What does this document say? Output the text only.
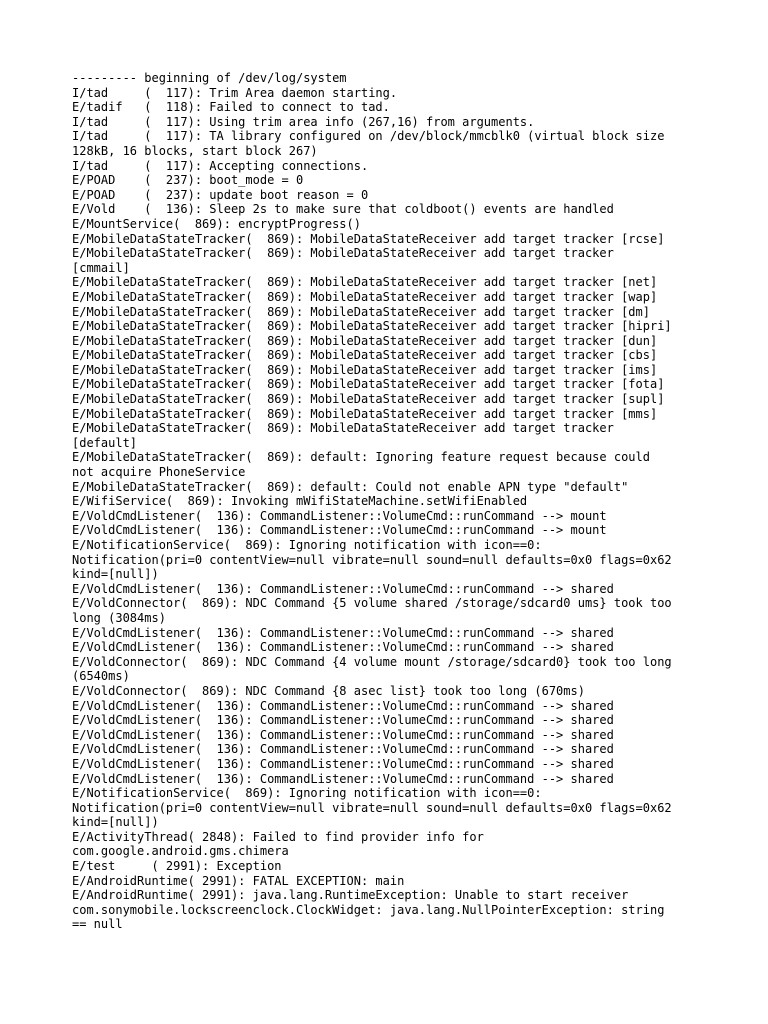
--------- beginning of /dev/log/system
I/tad     (  117): Trim Area daemon starting.
E/tadif   (  118): Failed to connect to tad.
I/tad     (  117): Using trim area info (267,16) from arguments.
I/tad     (  117): TA library configured on /dev/block/mmcblk0 (virtual block size
128kB, 16 blocks, start block 267)
I/tad     (  117): Accepting connections.
E/POAD    (  237): boot_mode = 0
E/POAD    (  237): update boot reason = 0
E/Vold    (  136): Sleep 2s to make sure that coldboot() events are handled
E/MountService(  869): encryptProgress()
E/MobileDataStateTracker(  869): MobileDataStateReceiver add target tracker [rcse]
E/MobileDataStateTracker(  869): MobileDataStateReceiver add target tracker
[cmmail]
E/MobileDataStateTracker(  869): MobileDataStateReceiver add target tracker [net]
E/MobileDataStateTracker(  869): MobileDataStateReceiver add target tracker [wap]
E/MobileDataStateTracker(  869): MobileDataStateReceiver add target tracker [dm]
E/MobileDataStateTracker(  869): MobileDataStateReceiver add target tracker [hipri]
E/MobileDataStateTracker(  869): MobileDataStateReceiver add target tracker [dun]
E/MobileDataStateTracker(  869): MobileDataStateReceiver add target tracker [cbs]
E/MobileDataStateTracker(  869): MobileDataStateReceiver add target tracker [ims]
E/MobileDataStateTracker(  869): MobileDataStateReceiver add target tracker [fota]
E/MobileDataStateTracker(  869): MobileDataStateReceiver add target tracker [supl]
E/MobileDataStateTracker(  869): MobileDataStateReceiver add target tracker [mms]
E/MobileDataStateTracker(  869): MobileDataStateReceiver add target tracker
[default]
E/MobileDataStateTracker(  869): default: Ignoring feature request because could
not acquire PhoneService
E/MobileDataStateTracker(  869): default: Could not enable APN type "default"
E/WifiService(  869): Invoking mWifiStateMachine.setWifiEnabled
E/VoldCmdListener(  136): CommandListener::VolumeCmd::runCommand --> mount
E/VoldCmdListener(  136): CommandListener::VolumeCmd::runCommand --> mount
E/NotificationService(  869): Ignoring notification with icon==0:
Notification(pri=0 contentView=null vibrate=null sound=null defaults=0x0 flags=0x62
kind=[null])
E/VoldCmdListener(  136): CommandListener::VolumeCmd::runCommand --> shared
E/VoldConnector(  869): NDC Command {5 volume shared /storage/sdcard0 ums} took too
long (3084ms)
E/VoldCmdListener(  136): CommandListener::VolumeCmd::runCommand --> shared
E/VoldCmdListener(  136): CommandListener::VolumeCmd::runCommand --> shared
E/VoldConnector(  869): NDC Command {4 volume mount /storage/sdcard0} took too long
(6540ms)
E/VoldConnector(  869): NDC Command {8 asec list} took too long (670ms)
E/VoldCmdListener(  136): CommandListener::VolumeCmd::runCommand --> shared
E/VoldCmdListener(  136): CommandListener::VolumeCmd::runCommand --> shared
E/VoldCmdListener(  136): CommandListener::VolumeCmd::runCommand --> shared
E/VoldCmdListener(  136): CommandListener::VolumeCmd::runCommand --> shared
E/VoldCmdListener(  136): CommandListener::VolumeCmd::runCommand --> shared
E/VoldCmdListener(  136): CommandListener::VolumeCmd::runCommand --> shared
E/NotificationService(  869): Ignoring notification with icon==0:
Notification(pri=0 contentView=null vibrate=null sound=null defaults=0x0 flags=0x62
kind=[null])
E/ActivityThread( 2848): Failed to find provider info for
com.google.android.gms.chimera
E/test     ( 2991): Exception
E/AndroidRuntime( 2991): FATAL EXCEPTION: main
E/AndroidRuntime( 2991): java.lang.RuntimeException: Unable to start receiver
com.sonymobile.lockscreenclock.ClockWidget: java.lang.NullPointerException: string
== null
